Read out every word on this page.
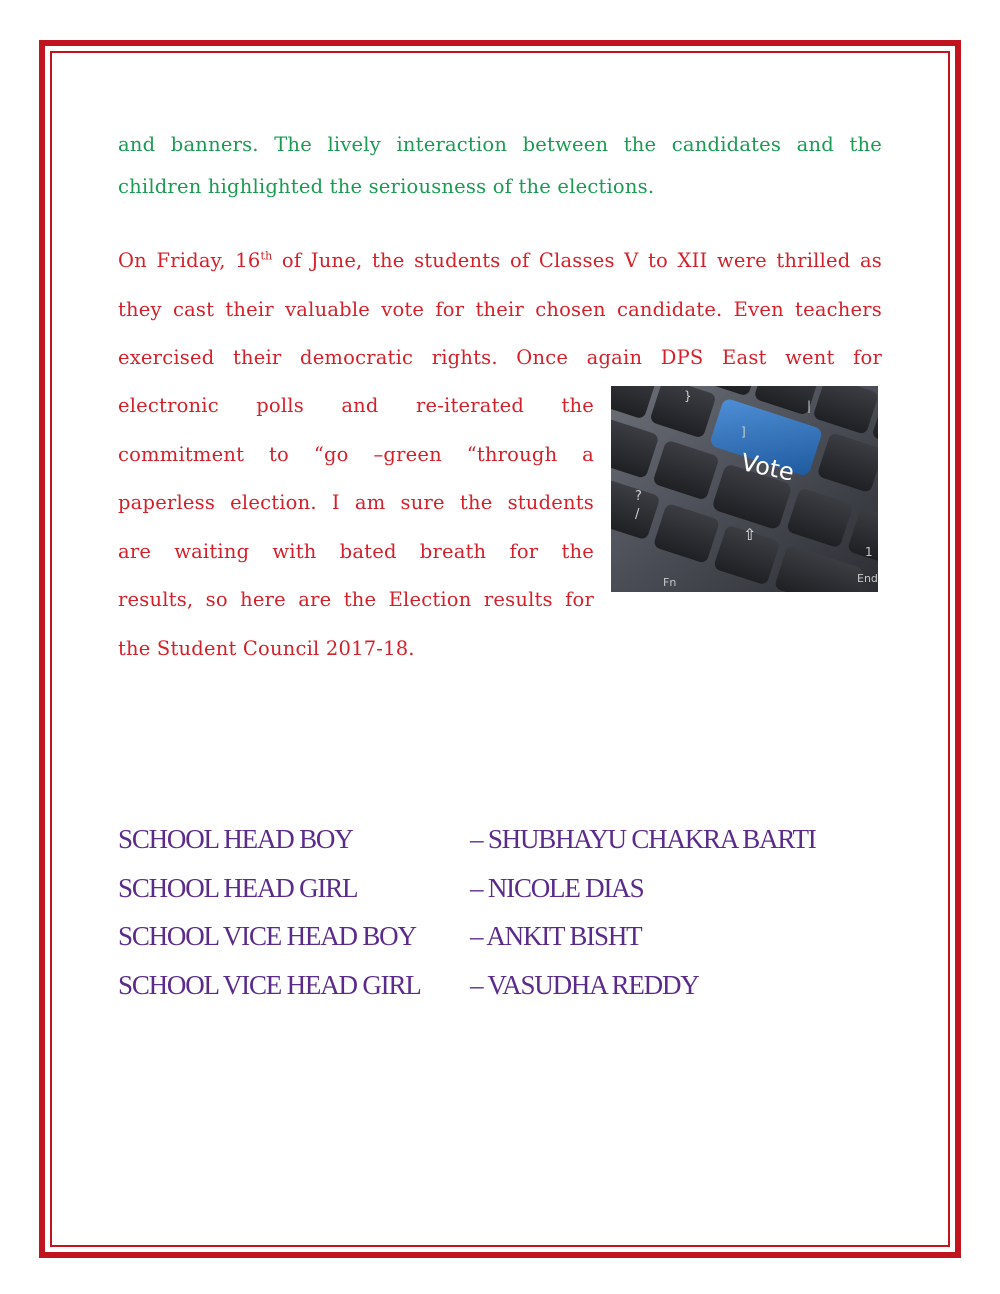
and banners. The lively interaction between the candidates and the
children highlighted the seriousness of the elections.
On Friday, 16th of June, the students of Classes V to XII were thrilled as
they cast their valuable vote for their chosen candidate. Even teachers
exercised their democratic rights. Once again DPS East went for
electronic polls and re-iterated the
commitment to “go –green “through a
paperless election. I am sure the students
are waiting with bated breath for the
results, so here are the Election results for
the Student Council 2017-18.
Vote
}
]
|
?
/
⇧
Fn	End
1
SCHOOL HEAD BOY	– SHUBHAYU CHAKRA BARTI
SCHOOL HEAD GIRL	– NICOLE DIAS
SCHOOL VICE HEAD BOY – ANKIT BISHT
SCHOOL VICE HEAD GIRL – VASUDHA REDDY
